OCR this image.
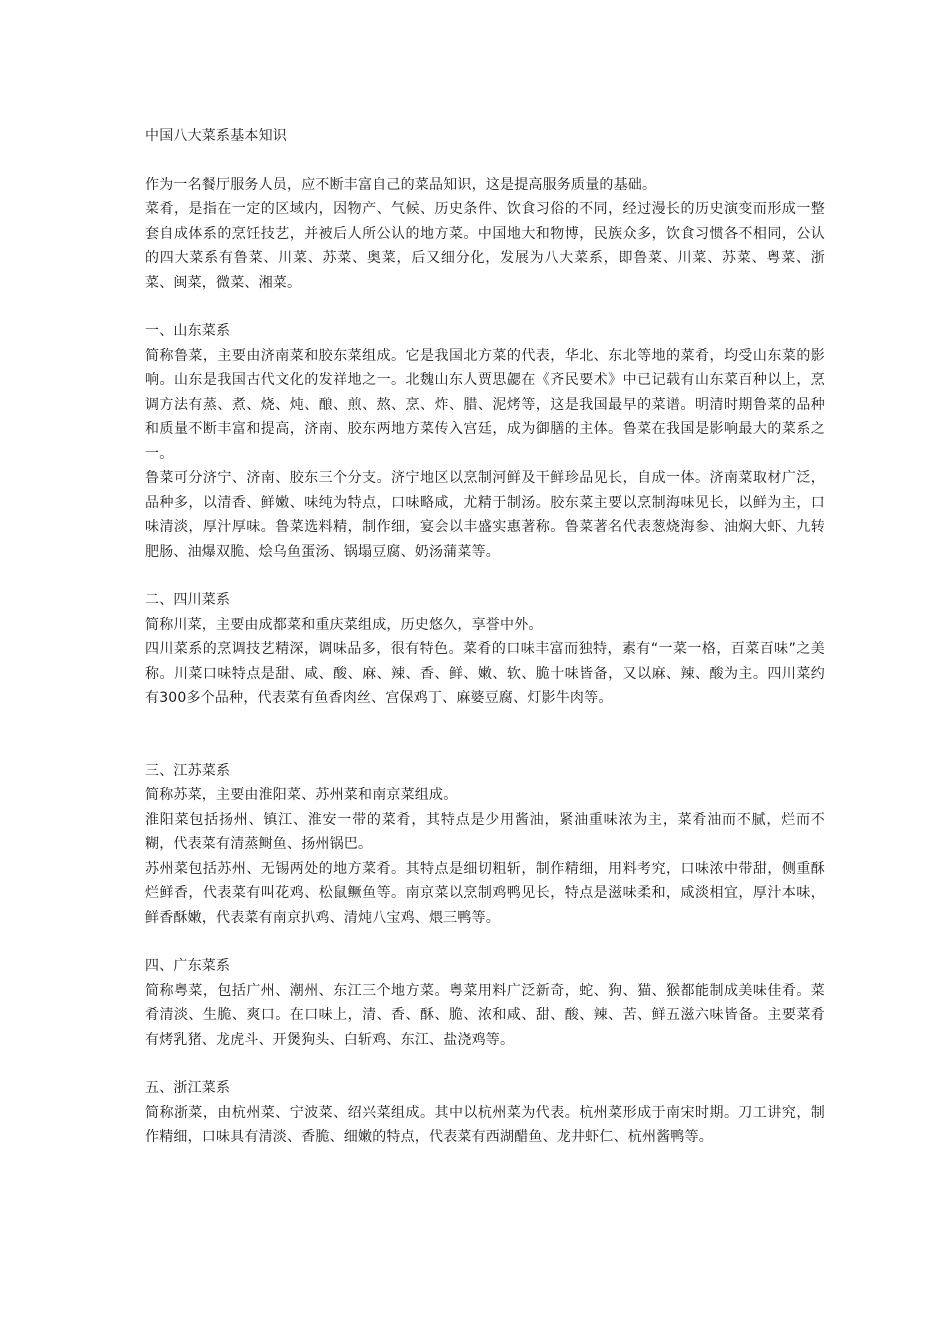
中国八大菜系基本知识

作为一名餐厅服务人员，应不断丰富自己的菜品知识，这是提高服务质量的基础。

菜肴，是指在一定的区域内，因物产、气候、历史条件、饮食习俗的不同，经过漫长的历史演变而形成一整套自成体系的烹饪技艺，并被后人所公认的地方菜。中国地大和物博，民族众多，饮食习惯各不相同，公认的四大菜系有鲁菜、川菜、苏菜、奥菜，后又细分化，发展为八大菜系，即鲁菜、川菜、苏菜、粤菜、浙菜、闽菜，微菜、湘菜。

一、山东菜系

简称鲁菜，主要由济南菜和胶东菜组成。它是我国北方菜的代表，华北、东北等地的菜肴，均受山东菜的影响。山东是我国古代文化的发祥地之一。北魏山东人贾思勰在《齐民要术》中已记载有山东菜百种以上，烹调方法有蒸、煮、烧、炖、酿、煎、熬、烹、炸、腊、泥烤等，这是我国最早的菜谱。明清时期鲁菜的品种和质量不断丰富和提高，济南、胶东两地方菜传入宫廷，成为御膳的主体。鲁菜在我国是影响最大的菜系之一。

鲁菜可分济宁、济南、胶东三个分支。济宁地区以烹制河鲜及干鲜珍品见长，自成一体。济南菜取材广泛，品种多，以清香、鲜嫩、味纯为特点，口味略咸，尤精于制汤。胶东菜主要以烹制海味见长，以鲜为主，口味清淡，厚汁厚味。鲁菜选料精，制作细，宴会以丰盛实惠著称。鲁菜著名代表葱烧海参、油焖大虾、九转肥肠、油爆双脆、烩乌鱼蛋汤、锅塌豆腐、奶汤蒲菜等。

二、四川菜系

简称川菜，主要由成都菜和重庆菜组成，历史悠久，享誉中外。

四川菜系的烹调技艺精深，调味品多，很有特色。菜肴的口味丰富而独特，素有“一菜一格，百菜百味”之美称。川菜口味特点是甜、咸、酸、麻、辣、香、鲜、嫩、软、脆十味皆备，又以麻、辣、酸为主。四川菜约有300多个品种，代表菜有鱼香肉丝、宫保鸡丁、麻婆豆腐、灯影牛肉等。

三、江苏菜系

简称苏菜，主要由淮阳菜、苏州菜和南京菜组成。

淮阳菜包括扬州、镇江、淮安一带的菜肴，其特点是少用酱油，紧油重味浓为主，菜肴油而不腻，烂而不糊，代表菜有清蒸鲥鱼、扬州锅巴。

苏州菜包括苏州、无锡两处的地方菜肴。其特点是细切粗斩，制作精细，用料考究，口味浓中带甜，侧重酥烂鲜香，代表菜有叫花鸡、松鼠鳜鱼等。南京菜以烹制鸡鸭见长，特点是滋味柔和，咸淡相宜，厚汁本味，鲜香酥嫩，代表菜有南京扒鸡、清炖八宝鸡、煨三鸭等。

四、广东菜系

简称粤菜，包括广州、潮州、东江三个地方菜。粤菜用料广泛新奇，蛇、狗、猫、猴都能制成美味佳肴。菜肴清淡、生脆、爽口。在口味上，清、香、酥、脆、浓和咸、甜、酸、辣、苦、鲜五滋六味皆备。主要菜肴有烤乳猪、龙虎斗、开煲狗头、白斩鸡、东江、盐浇鸡等。

五、浙江菜系

简称浙菜，由杭州菜、宁波菜、绍兴菜组成。其中以杭州菜为代表。杭州菜形成于南宋时期。刀工讲究，制作精细，口味具有清淡、香脆、细嫩的特点，代表菜有西湖醋鱼、龙井虾仁、杭州酱鸭等。
